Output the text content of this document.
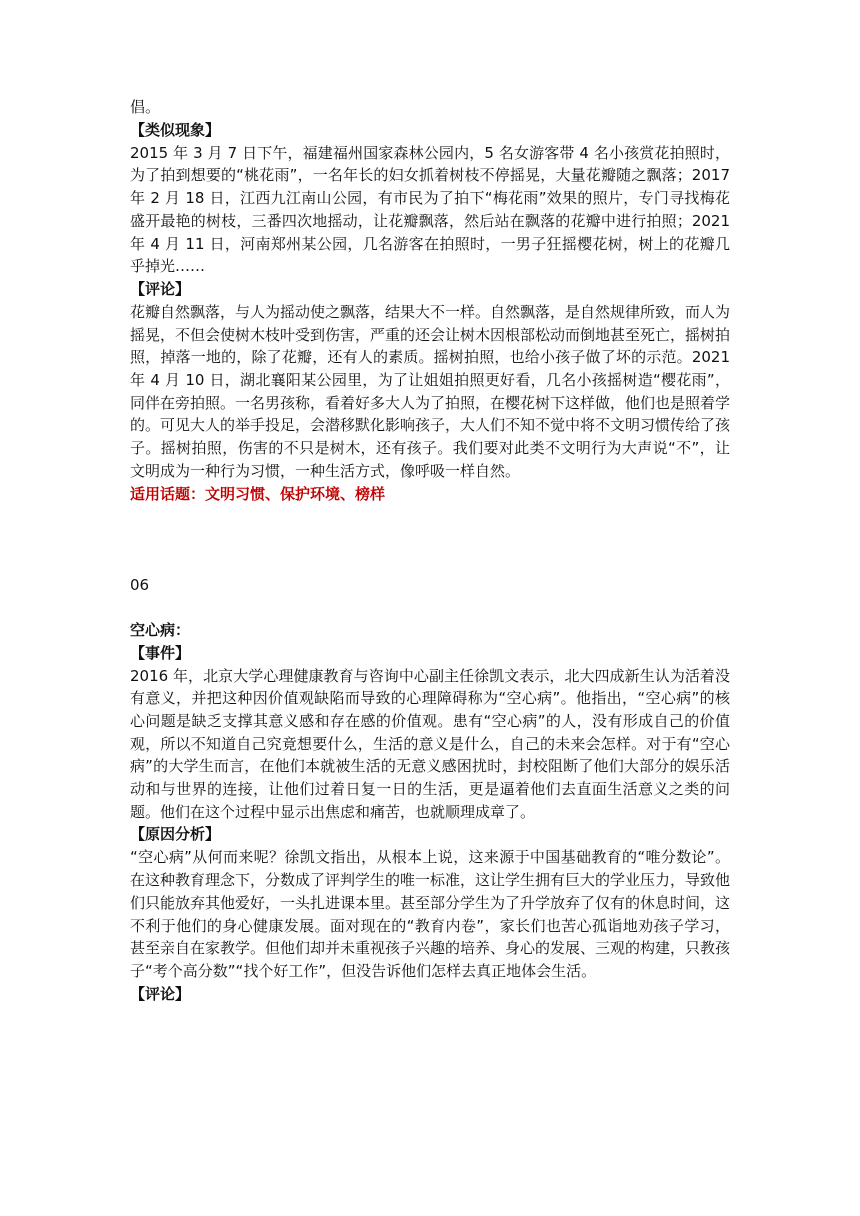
倡。

【类似现象】

2015 年 3 月 7 日下午，福建福州国家森林公园内，5 名女游客带 4 名小孩赏花拍照时，为了拍到想要的“桃花雨”，一名年长的妇女抓着树枝不停摇晃，大量花瓣随之飘落；2017 年 2 月 18 日，江西九江南山公园，有市民为了拍下“梅花雨”效果的照片，专门寻找梅花盛开最艳的树枝，三番四次地摇动，让花瓣飘落，然后站在飘落的花瓣中进行拍照；2021 年 4 月 11 日，河南郑州某公园，几名游客在拍照时，一男子狂摇樱花树，树上的花瓣几乎掉光……

【评论】

花瓣自然飘落，与人为摇动使之飘落，结果大不一样。自然飘落，是自然规律所致，而人为摇晃，不但会使树木枝叶受到伤害，严重的还会让树木因根部松动而倒地甚至死亡，摇树拍照，掉落一地的，除了花瓣，还有人的素质。摇树拍照，也给小孩子做了坏的示范。2021 年 4 月 10 日，湖北襄阳某公园里，为了让姐姐拍照更好看，几名小孩摇树造“樱花雨”，同伴在旁拍照。一名男孩称，看着好多大人为了拍照，在樱花树下这样做，他们也是照着学的。可见大人的举手投足，会潜移默化影响孩子，大人们不知不觉中将不文明习惯传给了孩子。摇树拍照，伤害的不只是树木，还有孩子。我们要对此类不文明行为大声说“不”，让文明成为一种行为习惯，一种生活方式，像呼吸一样自然。

适用话题：文明习惯、保护环境、榜样

06

空心病：

【事件】

2016 年，北京大学心理健康教育与咨询中心副主任徐凯文表示，北大四成新生认为活着没有意义，并把这种因价值观缺陷而导致的心理障碍称为“空心病”。他指出，“空心病”的核心问题是缺乏支撑其意义感和存在感的价值观。患有“空心病”的人，没有形成自己的价值观，所以不知道自己究竟想要什么，生活的意义是什么，自己的未来会怎样。对于有“空心病”的大学生而言，在他们本就被生活的无意义感困扰时，封校阻断了他们大部分的娱乐活动和与世界的连接，让他们过着日复一日的生活，更是逼着他们去直面生活意义之类的问题。他们在这个过程中显示出焦虑和痛苦，也就顺理成章了。

【原因分析】

“空心病”从何而来呢？徐凯文指出，从根本上说，这来源于中国基础教育的“唯分数论”。在这种教育理念下，分数成了评判学生的唯一标准，这让学生拥有巨大的学业压力，导致他们只能放弃其他爱好，一头扎进课本里。甚至部分学生为了升学放弃了仅有的休息时间，这不利于他们的身心健康发展。面对现在的“教育内卷”，家长们也苦心孤诣地劝孩子学习，甚至亲自在家教学。但他们却并未重视孩子兴趣的培养、身心的发展、三观的构建，只教孩子“考个高分数”“找个好工作”，但没告诉他们怎样去真正地体会生活。

【评论】
